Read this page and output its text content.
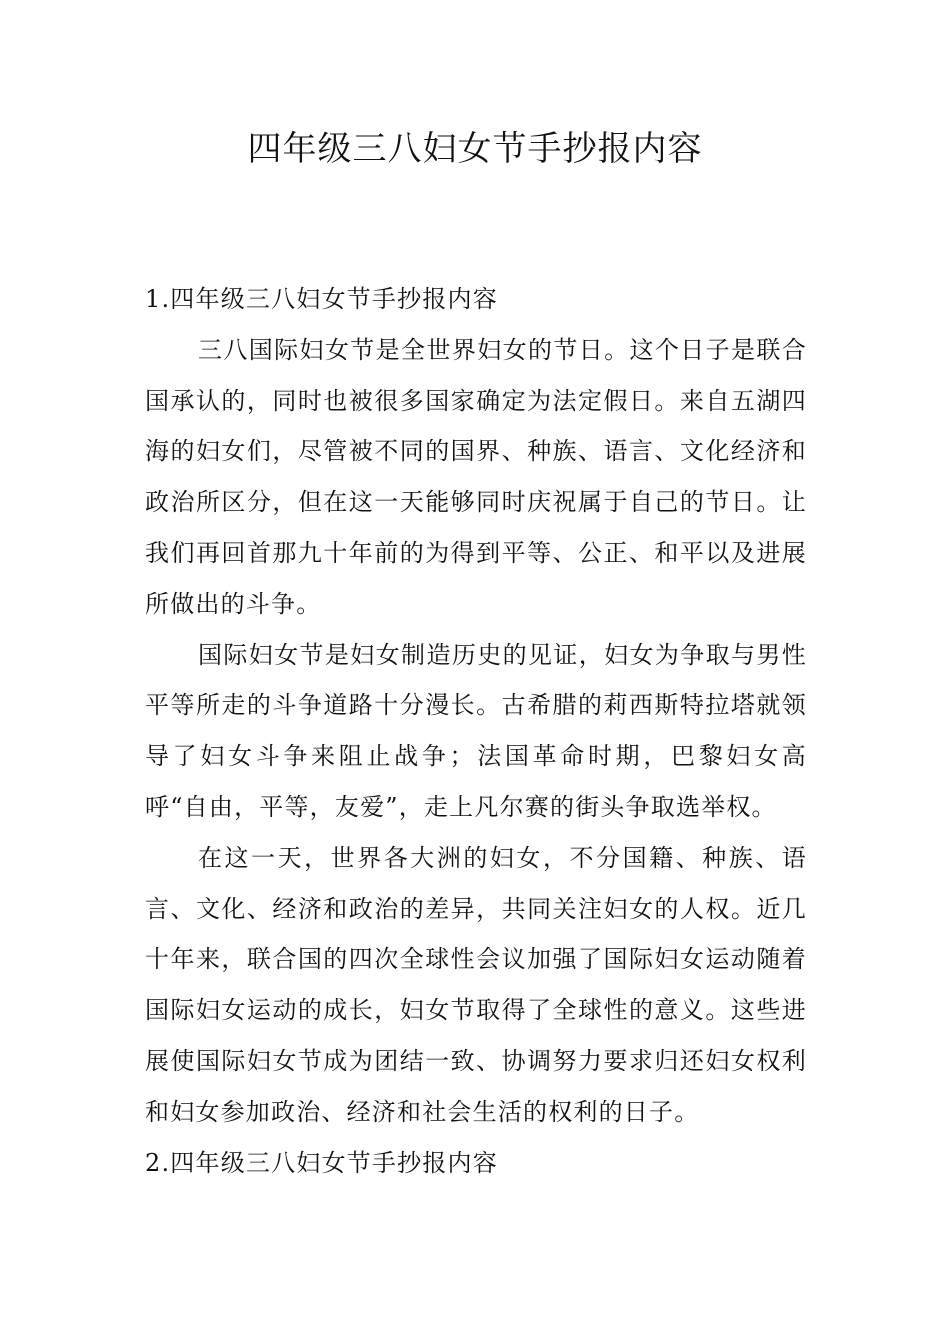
四年级三八妇女节手抄报内容
1.四年级三八妇女节手抄报内容

三八国际妇女节是全世界妇女的节日。这个日子是联合国承认的，同时也被很多国家确定为法定假日。来自五湖四海的妇女们，尽管被不同的国界、种族、语言、文化经济和政治所区分，但在这一天能够同时庆祝属于自己的节日。让我们再回首那九十年前的为得到平等、公正、和平以及进展所做出的斗争。

国际妇女节是妇女制造历史的见证，妇女为争取与男性平等所走的斗争道路十分漫长。古希腊的莉西斯特拉塔就领导了妇女斗争来阻止战争；法国革命时期，巴黎妇女高呼“自由，平等，友爱”，走上凡尔赛的街头争取选举权。

在这一天，世界各大洲的妇女，不分国籍、种族、语言、文化、经济和政治的差异，共同关注妇女的人权。近几十年来，联合国的四次全球性会议加强了国际妇女运动随着国际妇女运动的成长，妇女节取得了全球性的意义。这些进展使国际妇女节成为团结一致、协调努力要求归还妇女权利和妇女参加政治、经济和社会生活的权利的日子。

2.四年级三八妇女节手抄报内容
